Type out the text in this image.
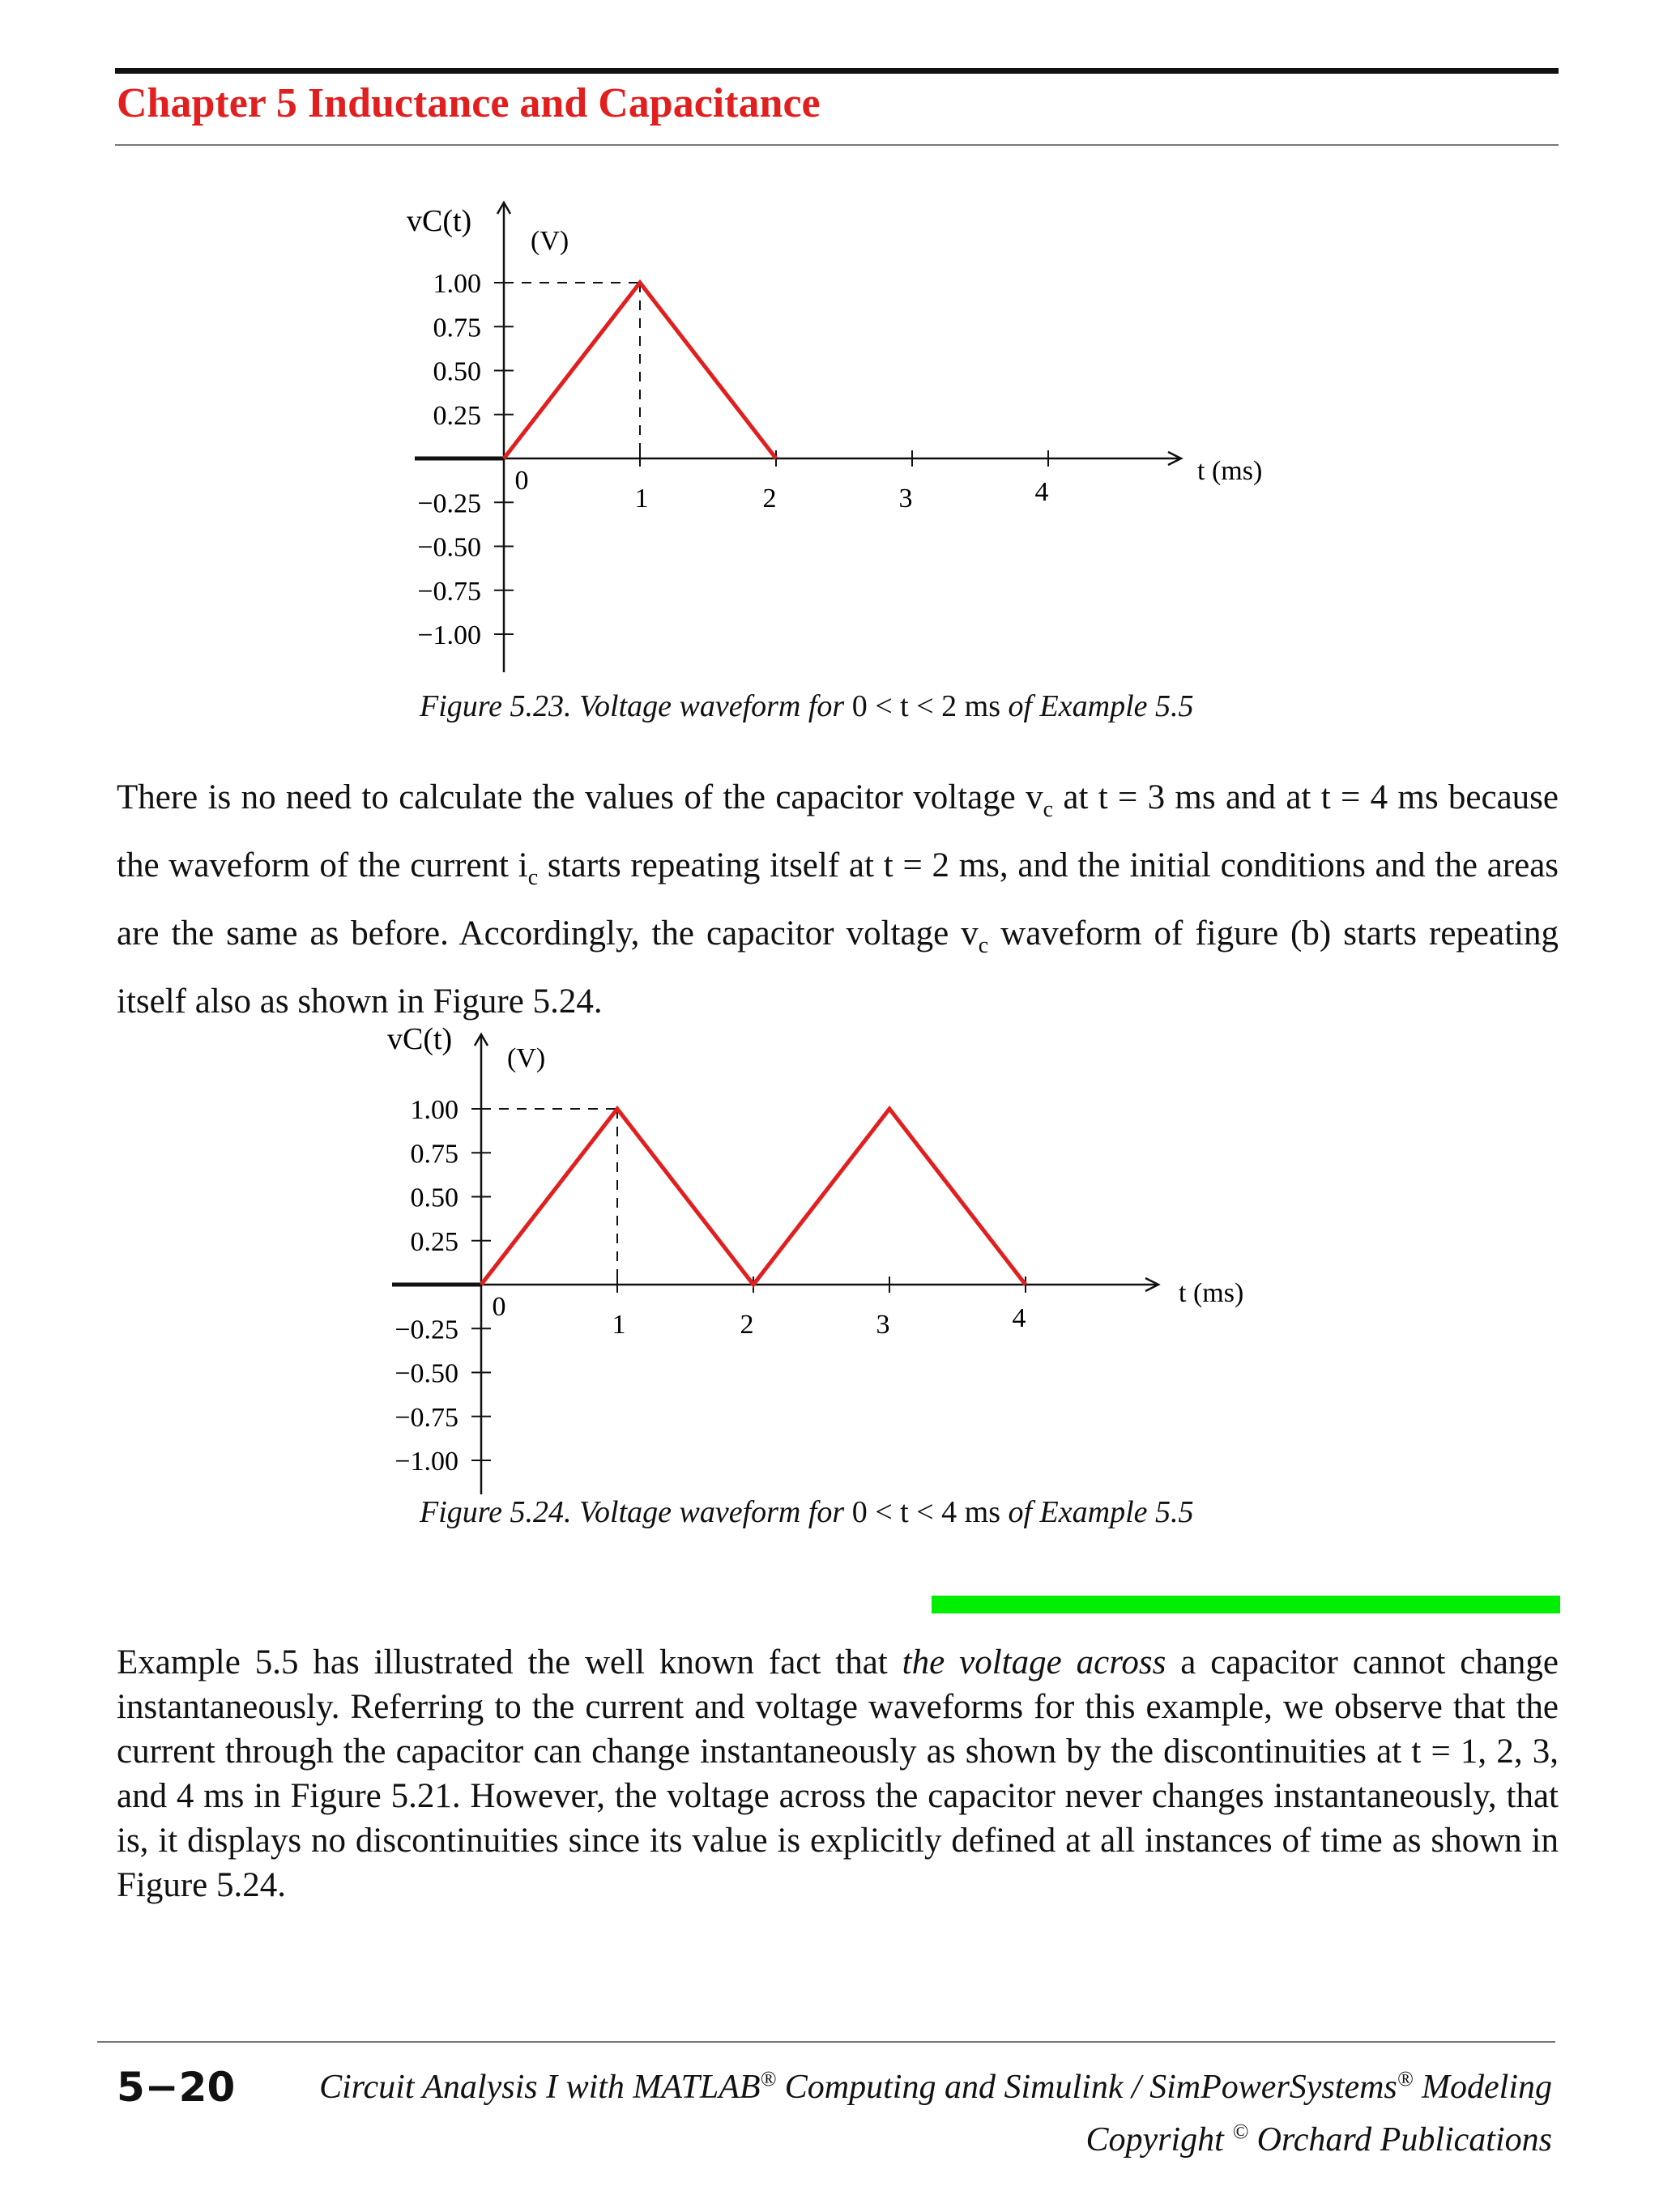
Chapter 5 Inductance and Capacitance
vC(t)
(V)
t (ms)
1.00
0.75
0.50
0.25
−0.25
−0.50
−0.75
−1.00
0
1	2	3	4
Figure 5.23. Voltage waveform for 0 < t < 2 ms of Example 5.5
There is no need to calculate the values of the capacitor voltage $v_c$ at t = 3 ms and at t = 4 ms because the waveform of the current $i_c$ starts repeating itself at t = 2 ms, and the initial conditions and the areas are the same as before. Accordingly, the capacitor voltage $v_c$ waveform of figure (b) starts repeating itself also as shown in Figure 5.24.
vC(t)
(V)
t (ms)
1.00
0.75
0.50
0.25
−0.25
−0.50
−0.75
−1.00
0
1	2	3	4
Figure 5.24. Voltage waveform for 0 < t < 4 ms of Example 5.5
Example 5.5 has illustrated the well known fact that the voltage across a capacitor cannot change instantaneously. Referring to the current and voltage waveforms for this example, we observe that the current through the capacitor can change instantaneously as shown by the discontinuities at t = 1, 2, 3, and 4 ms in Figure 5.21. However, the voltage across the capacitor never changes instantaneously, that is, it displays no discontinuities since its value is explicitly defined at all instances of time as shown in Figure 5.24.
5−20 Circuit Analysis I with MATLAB® Computing and Simulink / SimPowerSystems® Modeling
Copyright © Orchard Publications
